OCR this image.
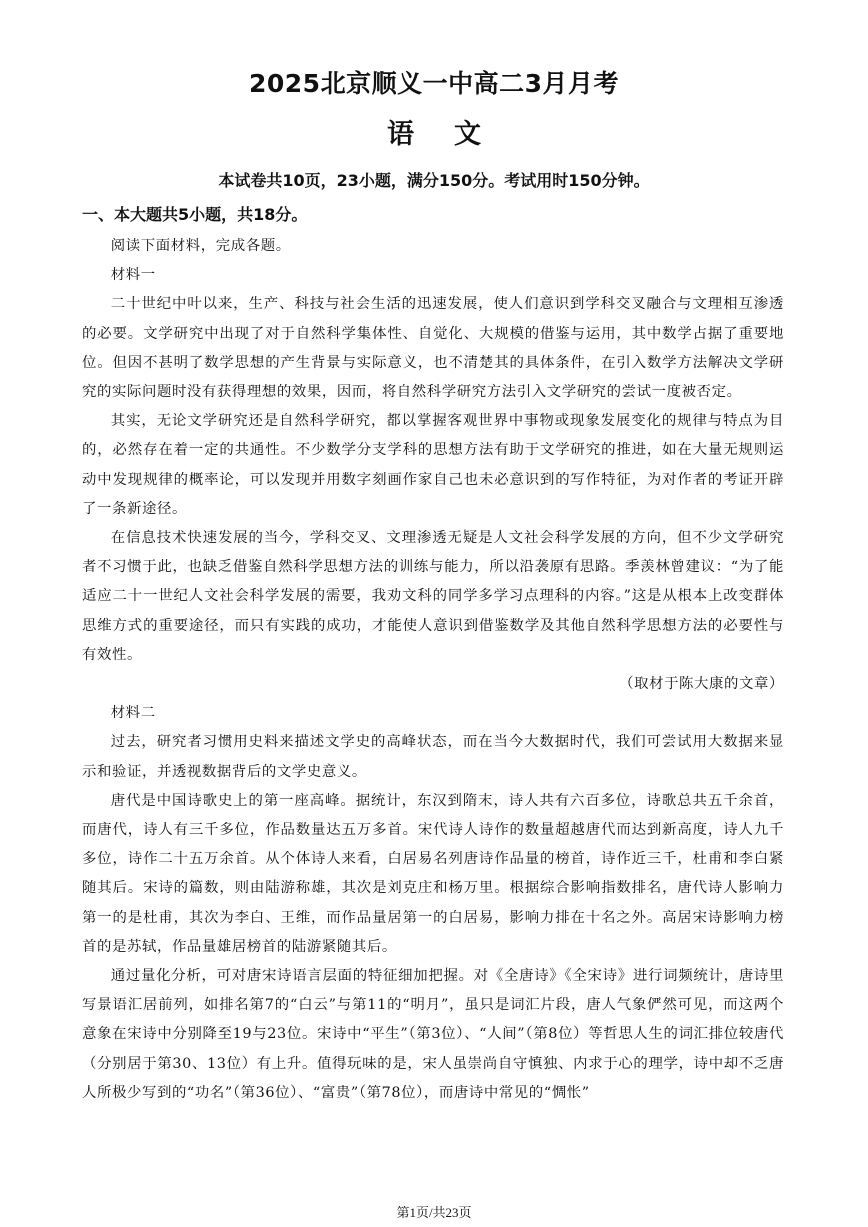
2025北京顺义一中高二3月月考
语文
本试卷共10页，23小题，满分150分。考试用时150分钟。
一、本大题共5小题，共18分。

阅读下面材料，完成各题。

材料一

二十世纪中叶以来，生产、科技与社会生活的迅速发展，使人们意识到学科交叉融合与文理相互渗透的必要。文学研究中出现了对于自然科学集体性、自觉化、大规模的借鉴与运用，其中数学占据了重要地位。但因不甚明了数学思想的产生背景与实际意义，也不清楚其的具体条件，在引入数学方法解决文学研究的实际问题时没有获得理想的效果，因而，将自然科学研究方法引入文学研究的尝试一度被否定。

其实，无论文学研究还是自然科学研究，都以掌握客观世界中事物或现象发展变化的规律与特点为目的，必然存在着一定的共通性。不少数学分支学科的思想方法有助于文学研究的推进，如在大量无规则运动中发现规律的概率论，可以发现并用数字刻画作家自己也未必意识到的写作特征，为对作者的考证开辟了一条新途径。

在信息技术快速发展的当今，学科交叉、文理渗透无疑是人文社会科学发展的方向，但不少文学研究者不习惯于此，也缺乏借鉴自然科学思想方法的训练与能力，所以沿袭原有思路。季羡林曾建议：“为了能适应二十一世纪人文社会科学发展的需要，我劝文科的同学多学习点理科的内容。”这是从根本上改变群体思维方式的重要途径，而只有实践的成功，才能使人意识到借鉴数学及其他自然科学思想方法的必要性与有效性。

（取材于陈大康的文章）

材料二

过去，研究者习惯用史料来描述文学史的高峰状态，而在当今大数据时代，我们可尝试用大数据来显示和验证，并透视数据背后的文学史意义。

唐代是中国诗歌史上的第一座高峰。据统计，东汉到隋末，诗人共有六百多位，诗歌总共五千余首，而唐代，诗人有三千多位，作品数量达五万多首。宋代诗人诗作的数量超越唐代而达到新高度，诗人九千多位，诗作二十五万余首。从个体诗人来看，白居易名列唐诗作品量的榜首，诗作近三千，杜甫和李白紧随其后。宋诗的篇数，则由陆游称雄，其次是刘克庄和杨万里。根据综合影响指数排名，唐代诗人影响力第一的是杜甫，其次为李白、王维，而作品量居第一的白居易，影响力排在十名之外。高居宋诗影响力榜首的是苏轼，作品量雄居榜首的陆游紧随其后。

通过量化分析，可对唐宋诗语言层面的特征细加把握。对《全唐诗》《全宋诗》进行词频统计，唐诗里写景语汇居前列，如排名第7的“白云”与第11的“明月”，虽只是词汇片段，唐人气象俨然可见，而这两个意象在宋诗中分别降至19与23位。宋诗中“平生”（第3位）、“人间”（第8位）等哲思人生的词汇排位较唐代（分别居于第30、13位）有上升。值得玩味的是，宋人虽崇尚自守慎独、内求于心的理学，诗中却不乏唐人所极少写到的“功名”（第36位）、“富贵”（第78位），而唐诗中常见的“惆怅”

第1页/共23页
